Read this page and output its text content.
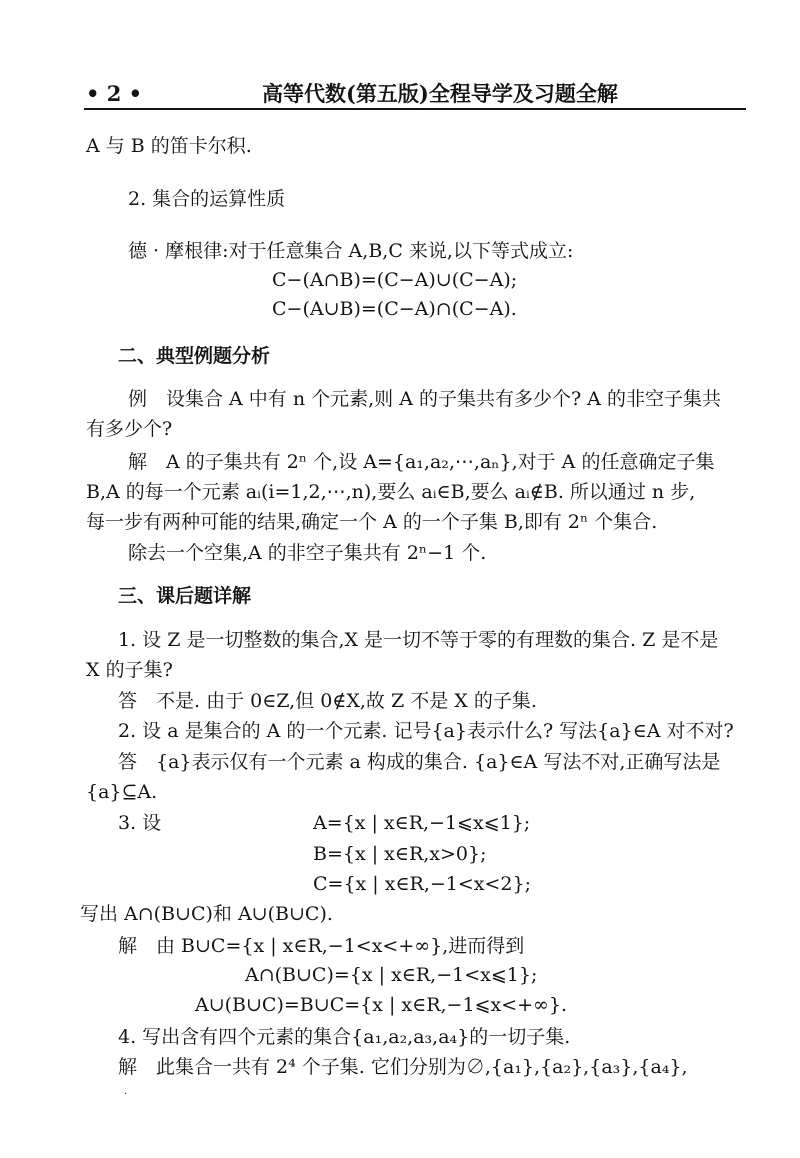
• 2 •	高等代数(第五版)全程导学及习题全解
A 与 B 的笛卡尔积.
2. 集合的运算性质
德 · 摩根律:对于任意集合 A,B,C 来说,以下等式成立:
C−(A∩B)=(C−A)∪(C−A);
C−(A∪B)=(C−A)∩(C−A).
二、典型例题分析
例　设集合 A 中有 n 个元素,则 A 的子集共有多少个? A 的非空子集共
有多少个?
解　A 的子集共有 2ⁿ 个,设 A={a₁,a₂,⋯,aₙ},对于 A 的任意确定子集
B,A 的每一个元素 aᵢ(i=1,2,⋯,n),要么 aᵢ∈B,要么 aᵢ∉B. 所以通过 n 步,
每一步有两种可能的结果,确定一个 A 的一个子集 B,即有 2ⁿ 个集合.
除去一个空集,A 的非空子集共有 2ⁿ−1 个.
三、课后题详解
1. 设 Z 是一切整数的集合,X 是一切不等于零的有理数的集合. Z 是不是
X 的子集?
答　不是. 由于 0∈Z,但 0∉X,故 Z 不是 X 的子集.
2. 设 a 是集合的 A 的一个元素. 记号{a}表示什么? 写法{a}∈A 对不对?
答　{a}表示仅有一个元素 a 构成的集合. {a}∈A 写法不对,正确写法是
{a}⊆A.
3. 设	A={x | x∈R,−1⩽x⩽1};
B={x | x∈R,x>0};
C={x | x∈R,−1<x<2};
写出 A∩(B∪C)和 A∪(B∪C).
解　由 B∪C={x | x∈R,−1<x<+∞},进而得到
A∩(B∪C)={x | x∈R,−1<x⩽1};
A∪(B∪C)=B∪C={x | x∈R,−1⩽x<+∞}.
4. 写出含有四个元素的集合{a₁,a₂,a₃,a₄}的一切子集.
解　此集合一共有 2⁴ 个子集. 它们分别为∅,{a₁},{a₂},{a₃},{a₄},
.
